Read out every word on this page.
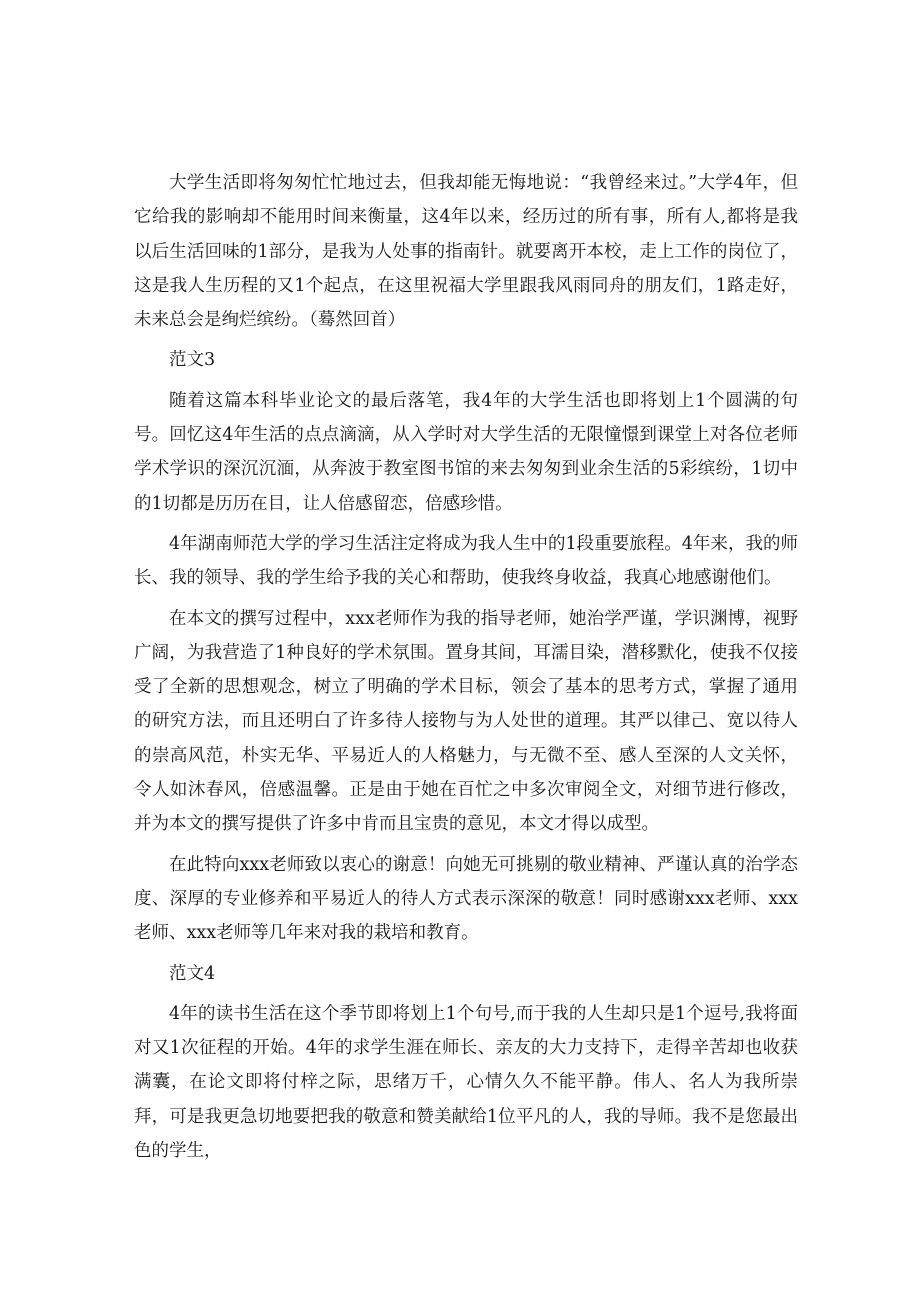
大学生活即将匆匆忙忙地过去，但我却能无悔地说：“我曾经来过。”大学4年，但它给我的影响却不能用时间来衡量，这4年以来，经历过的所有事，所有人,都将是我以后生活回味的1部分，是我为人处事的指南针。就要离开本校，走上工作的岗位了，这是我人生历程的又1个起点，在这里祝福大学里跟我风雨同舟的朋友们，1路走好，未来总会是绚烂缤纷。（蓦然回首）

范文3

随着这篇本科毕业论文的最后落笔，我4年的大学生活也即将划上1个圆满的句号。回忆这4年生活的点点滴滴，从入学时对大学生活的无限憧憬到课堂上对各位老师学术学识的深沉沉湎，从奔波于教室图书馆的来去匆匆到业余生活的5彩缤纷，1切中的1切都是历历在目，让人倍感留恋，倍感珍惜。

4年湖南师范大学的学习生活注定将成为我人生中的1段重要旅程。4年来，我的师长、我的领导、我的学生给予我的关心和帮助，使我终身收益，我真心地感谢他们。

在本文的撰写过程中，xxx老师作为我的指导老师，她治学严谨，学识渊博，视野广阔，为我营造了1种良好的学术氛围。置身其间，耳濡目染，潜移默化，使我不仅接受了全新的思想观念，树立了明确的学术目标，领会了基本的思考方式，掌握了通用的研究方法，而且还明白了许多待人接物与为人处世的道理。其严以律己、宽以待人的崇高风范，朴实无华、平易近人的人格魅力，与无微不至、感人至深的人文关怀，令人如沐春风，倍感温馨。正是由于她在百忙之中多次审阅全文，对细节进行修改，并为本文的撰写提供了许多中肯而且宝贵的意见，本文才得以成型。

在此特向xxx老师致以衷心的谢意！向她无可挑剔的敬业精神、严谨认真的治学态度、深厚的专业修养和平易近人的待人方式表示深深的敬意！同时感谢xxx老师、xxx老师、xxx老师等几年来对我的栽培和教育。

范文4

4年的读书生活在这个季节即将划上1个句号,而于我的人生却只是1个逗号,我将面对又1次征程的开始。4年的求学生涯在师长、亲友的大力支持下，走得辛苦却也收获满囊，在论文即将付梓之际，思绪万千，心情久久不能平静。伟人、名人为我所崇拜，可是我更急切地要把我的敬意和赞美献给1位平凡的人，我的导师。我不是您最出色的学生，
